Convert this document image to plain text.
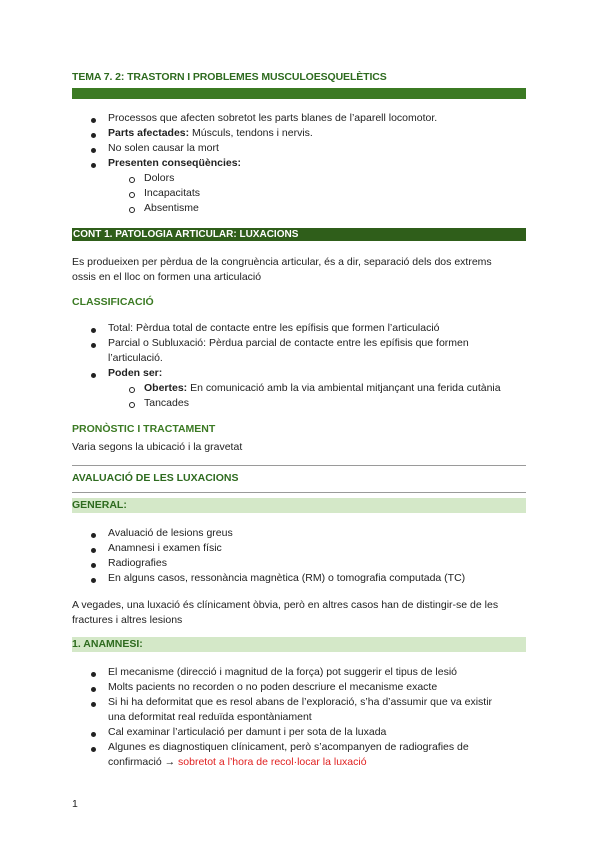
TEMA 7. 2: TRASTORN I PROBLEMES MUSCULOESQUELÈTICS
Processos que afecten sobretot les parts blanes de l’aparell locomotor.
Parts afectades: Músculs, tendons i nervis.
No solen causar la mort
Presenten conseqüències:
Dolors
Incapacitats
Absentisme
CONT 1. PATOLOGIA ARTICULAR: LUXACIONS
Es produeixen per pèrdua de la congruència articular, és a dir, separació dels dos extrems
ossis en el lloc on formen una articulació
CLASSIFICACIÓ
Total: Pèrdua total de contacte entre les epífisis que formen l’articulació
Parcial o Subluxació: Pèrdua parcial de contacte entre les epífisis que formen
l’articulació.
Poden ser:
Obertes: En comunicació amb la via ambiental mitjançant una ferida cutània
Tancades
PRONÒSTIC I TRACTAMENT
Varia segons la ubicació i la gravetat
AVALUACIÓ DE LES LUXACIONS
GENERAL:
Avaluació de lesions greus
Anamnesi i examen físic
Radiografies
En alguns casos, ressonància magnètica (RM) o tomografia computada (TC)
A vegades, una luxació és clínicament òbvia, però en altres casos han de distingir-se de les
fractures i altres lesions
1. ANAMNESI:
El mecanisme (direcció i magnitud de la força) pot suggerir el tipus de lesió
Molts pacients no recorden o no poden descriure el mecanisme exacte
Si hi ha deformitat que es resol abans de l’exploració, s’ha d’assumir que va existir
una deformitat real reduïda espontàniament
Cal examinar l’articulació per damunt i per sota de la luxada
Algunes es diagnostiquen clínicament, però s’acompanyen de radiografies de
confirmació → sobretot a l’hora de recol·locar la luxació
1
